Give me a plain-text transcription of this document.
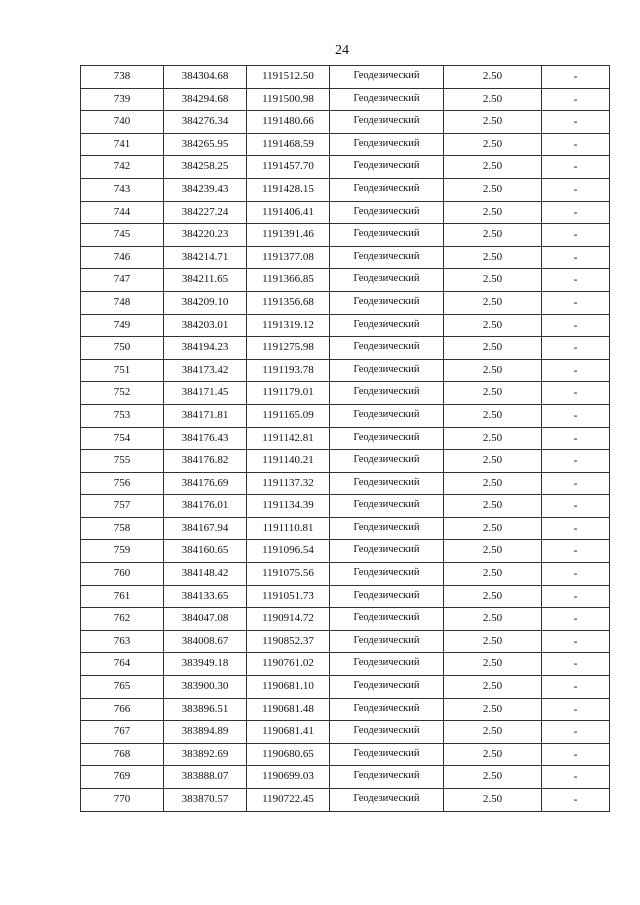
24
738	384304.68	1191512.50	Геодезический	2.50	-
739	384294.68	1191500.98	Геодезический	2.50	-
740	384276.34	1191480.66	Геодезический	2.50	-
741	384265.95	1191468.59	Геодезический	2.50	-
742	384258.25	1191457.70	Геодезический	2.50	-
743	384239.43	1191428.15	Геодезический	2.50	-
744	384227.24	1191406.41	Геодезический	2.50	-
745	384220.23	1191391.46	Геодезический	2.50	-
746	384214.71	1191377.08	Геодезический	2.50	-
747	384211.65	1191366.85	Геодезический	2.50	-
748	384209.10	1191356.68	Геодезический	2.50	-
749	384203.01	1191319.12	Геодезический	2.50	-
750	384194.23	1191275.98	Геодезический	2.50	-
751	384173.42	1191193.78	Геодезический	2.50	-
752	384171.45	1191179.01	Геодезический	2.50	-
753	384171.81	1191165.09	Геодезический	2.50	-
754	384176.43	1191142.81	Геодезический	2.50	-
755	384176.82	1191140.21	Геодезический	2.50	-
756	384176.69	1191137.32	Геодезический	2.50	-
757	384176.01	1191134.39	Геодезический	2.50	-
758	384167.94	1191110.81	Геодезический	2.50	-
759	384160.65	1191096.54	Геодезический	2.50	-
760	384148.42	1191075.56	Геодезический	2.50	-
761	384133.65	1191051.73	Геодезический	2.50	-
762	384047.08	1190914.72	Геодезический	2.50	-
763	384008.67	1190852.37	Геодезический	2.50	-
764	383949.18	1190761.02	Геодезический	2.50	-
765	383900.30	1190681.10	Геодезический	2.50	-
766	383896.51	1190681.48	Геодезический	2.50	-
767	383894.89	1190681.41	Геодезический	2.50	-
768	383892.69	1190680.65	Геодезический	2.50	-
769	383888.07	1190699.03	Геодезический	2.50	-
770	383870.57	1190722.45	Геодезический	2.50	-
